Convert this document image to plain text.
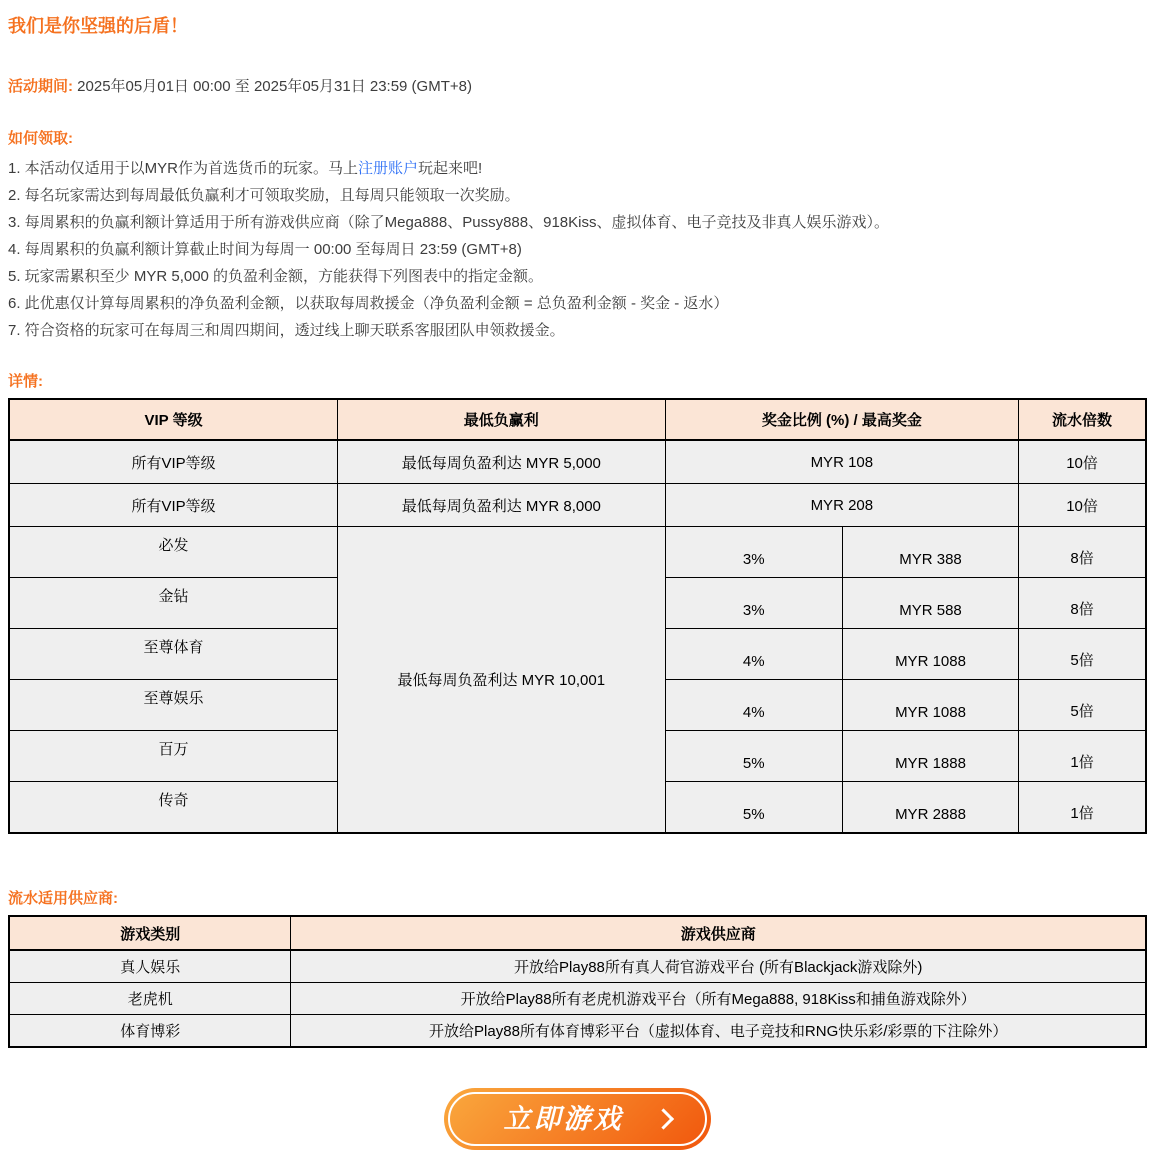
我们是你坚强的后盾！
活动期间: 2025年05月01日 00:00 至 2025年05月31日 23:59 (GMT+8)
如何领取:
1. 本活动仅适用于以MYR作为首选货币的玩家。马上注册账户玩起来吧!
2. 每名玩家需达到每周最低负赢利才可领取奖励，且每周只能领取一次奖励。
3. 每周累积的负赢利额计算适用于所有游戏供应商（除了Mega888、Pussy888、918Kiss、虚拟体育、电子竞技及非真人娱乐游戏）。
4. 每周累积的负赢利额计算截止时间为每周一 00:00 至每周日 23:59 (GMT+8)
5. 玩家需累积至少 MYR 5,000 的负盈利金额，方能获得下列图表中的指定金额。
6. 此优惠仅计算每周累积的净负盈利金额，以获取每周救援金（净负盈利金额 = 总负盈利金额 - 奖金 - 返水）
7. 符合资格的玩家可在每周三和周四期间，透过线上聊天联系客服团队申领救援金。
详情:
VIP 等级	最低负赢利	奖金比例 (%) / 最高奖金		流水倍数
所有VIP等级	最低每周负盈利达 MYR 5,000	MYR 108		10倍
所有VIP等级	最低每周负盈利达 MYR 8,000	MYR 208		10倍
必发	最低每周负盈利达 MYR 10,001	3%	MYR 388	8倍
金钻		3%	MYR 588	8倍
至尊体育		4%	MYR 1088	5倍
至尊娱乐		4%	MYR 1088	5倍
百万		5%	MYR 1888	1倍
传奇		5%	MYR 2888	1倍
流水适用供应商:
游戏类别	游戏供应商
真人娱乐	开放给Play88所有真人荷官游戏平台 (所有Blackjack游戏除外)
老虎机	开放给Play88所有老虎机游戏平台（所有Mega888, 918Kiss和捕鱼游戏除外）
体育博彩	开放给Play88所有体育博彩平台（虚拟体育、电子竞技和RNG快乐彩/彩票的下注除外）
立即游戏
